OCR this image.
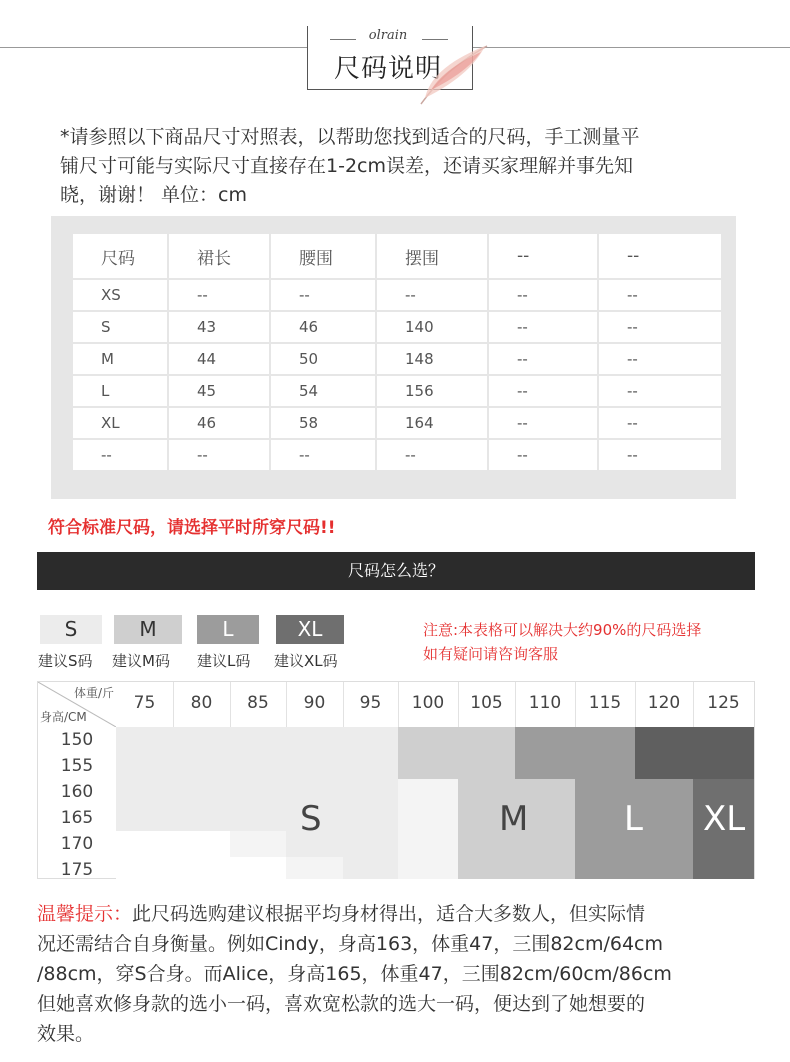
olrain
尺码说明
*请参照以下商品尺寸对照表，以帮助您找到适合的尺码，手工测量平
铺尺寸可能与实际尺寸直接存在1-2cm误差，还请买家理解并事先知
晓，谢谢！ 单位：cm
尺码	裙长	腰围	摆围	--	--
XS	--	--	--	--	--
S	43	46	140	--	--
M	44	50	148	--	--
L	45	54	156	--	--
XL	46	58	164	--	--
--	--	--	--	--	--
符合标准尺码，请选择平时所穿尺码!!
尺码怎么选？
S	M	L	XL
建议S码 建议M码 建议L码 建议XL码
注意:本表格可以解决大约90%的尺码选择
如有疑问请咨询客服
体重/斤
身高/CM
75	80	85	90	95	100	105	110	115	120	125
150
155
160
165
170
175
S	M	L XL
温馨提示：此尺码选购建议根据平均身材得出，适合大多数人，但实际情
况还需结合自身衡量。例如Cindy，身高163，体重47，三围82cm/64cm
/88cm，穿S合身。而Alice，身高165，体重47，三围82cm/60cm/86cm
但她喜欢修身款的选小一码，喜欢宽松款的选大一码，便达到了她想要的
效果。
